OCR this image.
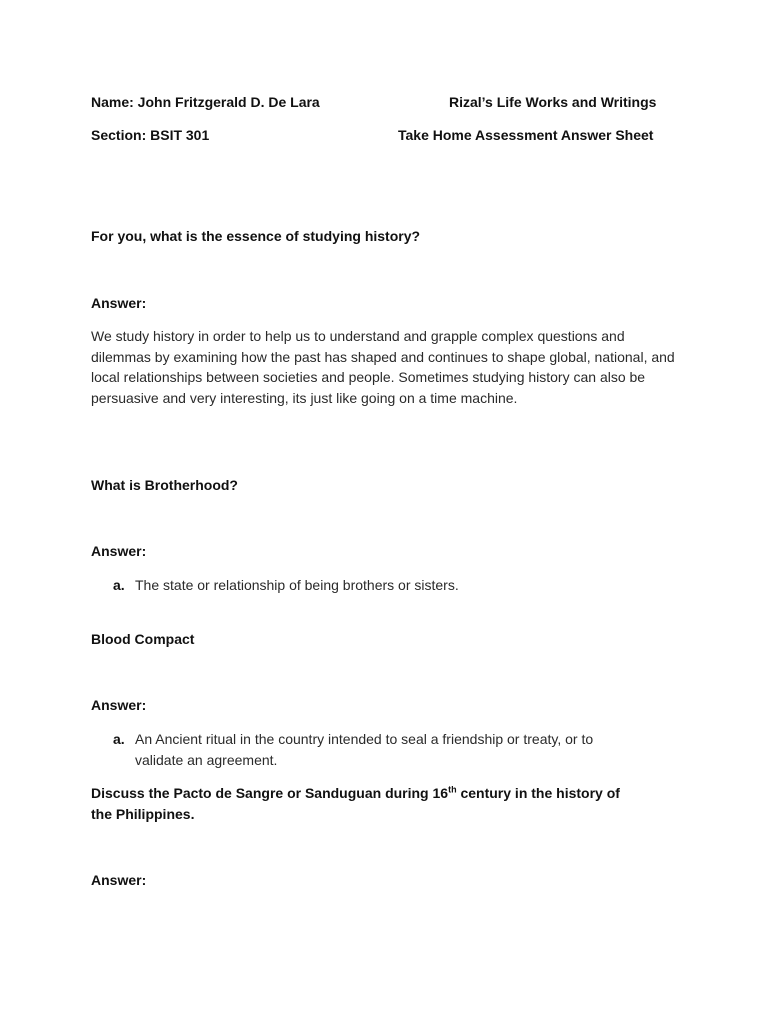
Name: John Fritzgerald D. De Lara	Rizal’s Life Works and Writings
Section: BSIT 301	Take Home Assessment Answer Sheet
For you, what is the essence of studying history?
Answer:
We study history in order to help us to understand and grapple complex questions and dilemmas by examining how the past has shaped and continues to shape global, national, and local relationships between societies and people. Sometimes studying history can also be persuasive and very interesting, its just like going on a time machine.
What is Brotherhood?
Answer:
a. The state or relationship of being brothers or sisters.
Blood Compact
Answer:
a. An Ancient ritual in the country intended to seal a friendship or treaty, or to validate an agreement.
Discuss the Pacto de Sangre or Sanduguan during 16th century in the history of
the Philippines.
Answer:
